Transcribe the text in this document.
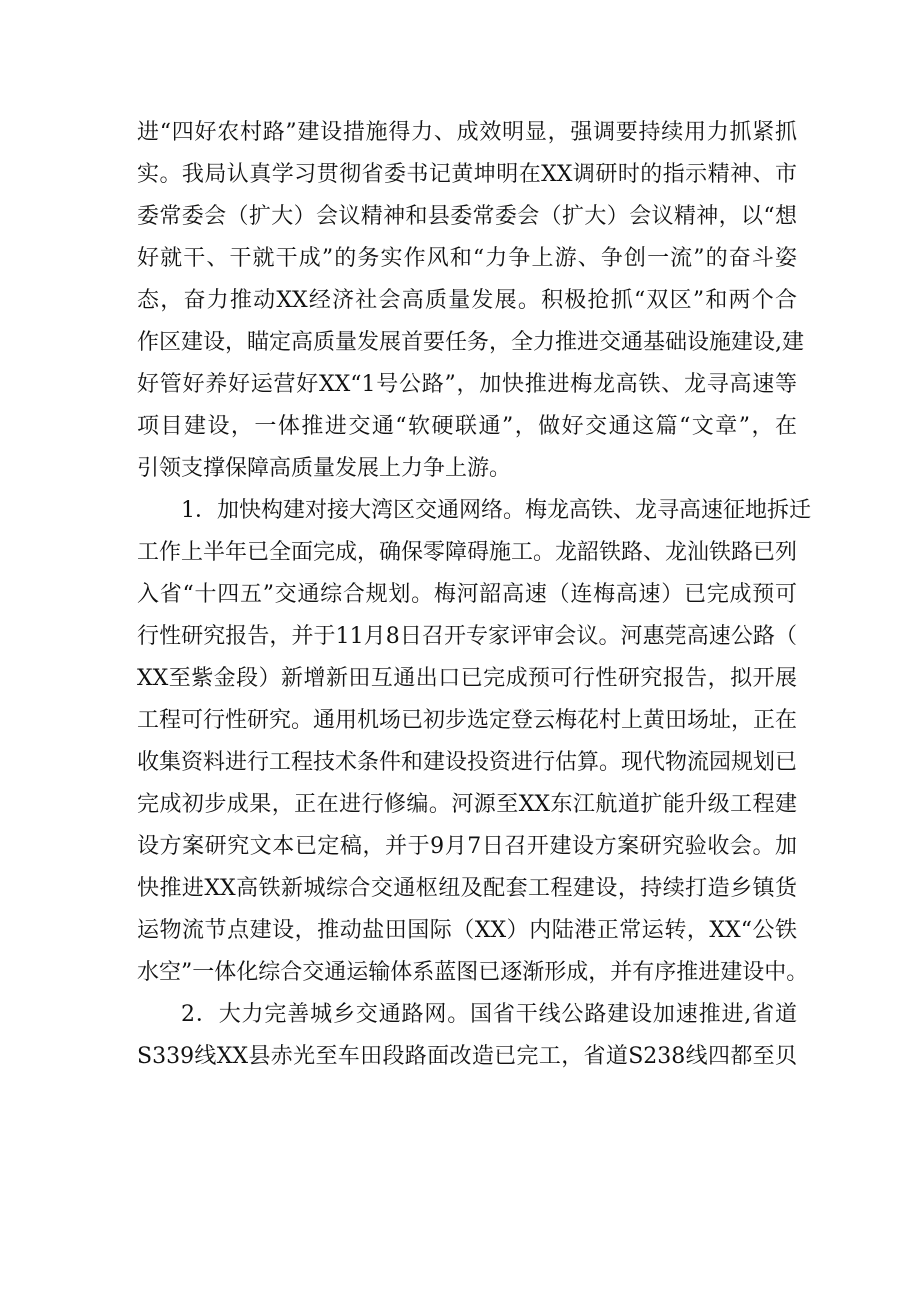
进“四好农村路”建设措施得力、成效明显，强调要持续用力抓紧抓
实。我局认真学习贯彻省委书记黄坤明在XX调研时的指示精神、市
委常委会（扩大）会议精神和县委常委会（扩大）会议精神，以“想
好就干、干就干成”的务实作风和“力争上游、争创一流”的奋斗姿
态，奋力推动XX经济社会高质量发展。积极抢抓“双区”和两个合
作区建设，瞄定高质量发展首要任务，全力推进交通基础设施建设,建
好管好养好运营好XX“1号公路”，加快推进梅龙高铁、龙寻高速等
项目建设，一体推进交通“软硬联通”，做好交通这篇“文章”，在
引领支撑保障高质量发展上力争上游。
1．加快构建对接大湾区交通网络。梅龙高铁、龙寻高速征地拆迁
工作上半年已全面完成，确保零障碍施工。龙韶铁路、龙汕铁路已列
入省“十四五”交通综合规划。梅河韶高速（连梅高速）已完成预可
行性研究报告，并于11月8日召开专家评审会议。河惠莞高速公路（
XX至紫金段）新增新田互通出口已完成预可行性研究报告，拟开展
工程可行性研究。通用机场已初步选定登云梅花村上黄田场址，正在
收集资料进行工程技术条件和建设投资进行估算。现代物流园规划已
完成初步成果，正在进行修编。河源至XX东江航道扩能升级工程建
设方案研究文本已定稿，并于9月7日召开建设方案研究验收会。加
快推进XX高铁新城综合交通枢纽及配套工程建设，持续打造乡镇货
运物流节点建设，推动盐田国际（XX）内陆港正常运转，XX“公铁
水空”一体化综合交通运输体系蓝图已逐渐形成，并有序推进建设中。
2．大力完善城乡交通路网。国省干线公路建设加速推进,省道
S339线XX县赤光至车田段路面改造已完工，省道S238线四都至贝
